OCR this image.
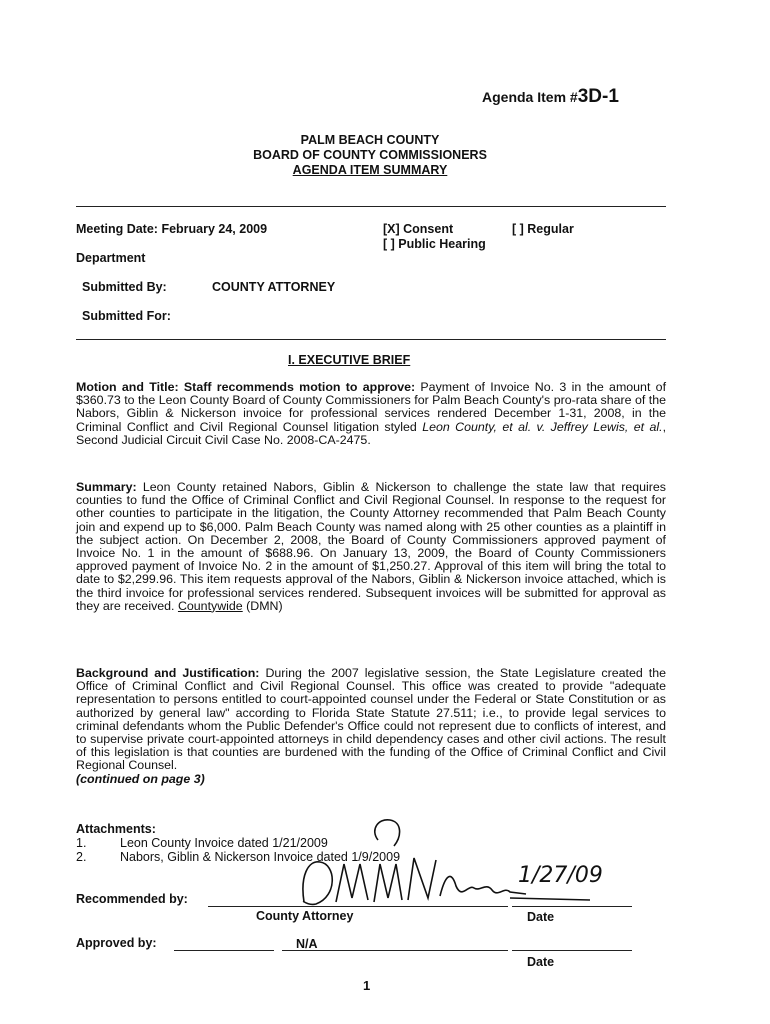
Agenda Item #3D-1
PALM BEACH COUNTY
BOARD OF COUNTY COMMISSIONERS
AGENDA ITEM SUMMARY
Meeting Date: February 24, 2009	[X] Consent	[ ] Regular
[ ] Public Hearing
Department
Submitted By:	COUNTY ATTORNEY
Submitted For:
I. EXECUTIVE BRIEF

Motion and Title: Staff recommends motion to approve: Payment of Invoice No. 3 in the amount of $360.73 to the Leon County Board of County Commissioners for Palm Beach County's pro-rata share of the Nabors, Giblin & Nickerson invoice for professional services rendered December 1-31, 2008, in the Criminal Conflict and Civil Regional Counsel litigation styled Leon County, et al. v. Jeffrey Lewis, et al., Second Judicial Circuit Civil Case No. 2008-CA-2475.

Summary: Leon County retained Nabors, Giblin & Nickerson to challenge the state law that requires counties to fund the Office of Criminal Conflict and Civil Regional Counsel. In response to the request for other counties to participate in the litigation, the County Attorney recommended that Palm Beach County join and expend up to $6,000. Palm Beach County was named along with 25 other counties as a plaintiff in the subject action. On December 2, 2008, the Board of County Commissioners approved payment of Invoice No. 1 in the amount of $688.96. On January 13, 2009, the Board of County Commissioners approved payment of Invoice No. 2 in the amount of $1,250.27. Approval of this item will bring the total to date to $2,299.96. This item requests approval of the Nabors, Giblin & Nickerson invoice attached, which is the third invoice for professional services rendered. Subsequent invoices will be submitted for approval as they are received. Countywide (DMN)

Background and Justification: During the 2007 legislative session, the State Legislature created the Office of Criminal Conflict and Civil Regional Counsel. This office was created to provide "adequate representation to persons entitled to court-appointed counsel under the Federal or State Constitution or as authorized by general law" according to Florida State Statute 27.511; i.e., to provide legal services to criminal defendants whom the Public Defender's Office could not represent due to conflicts of interest, and to supervise private court-appointed attorneys in child dependency cases and other civil actions. The result of this legislation is that counties are burdened with the funding of the Office of Criminal Conflict and Civil Regional Counsel.

(continued on page 3)

Attachments:
1.	Leon County Invoice dated 1/21/2009
2.	Nabors, Giblin & Nickerson Invoice dated 1/9/2009
Recommended by:
1/27/09
County Attorney	Date
Approved by:	N/A
Date
1
